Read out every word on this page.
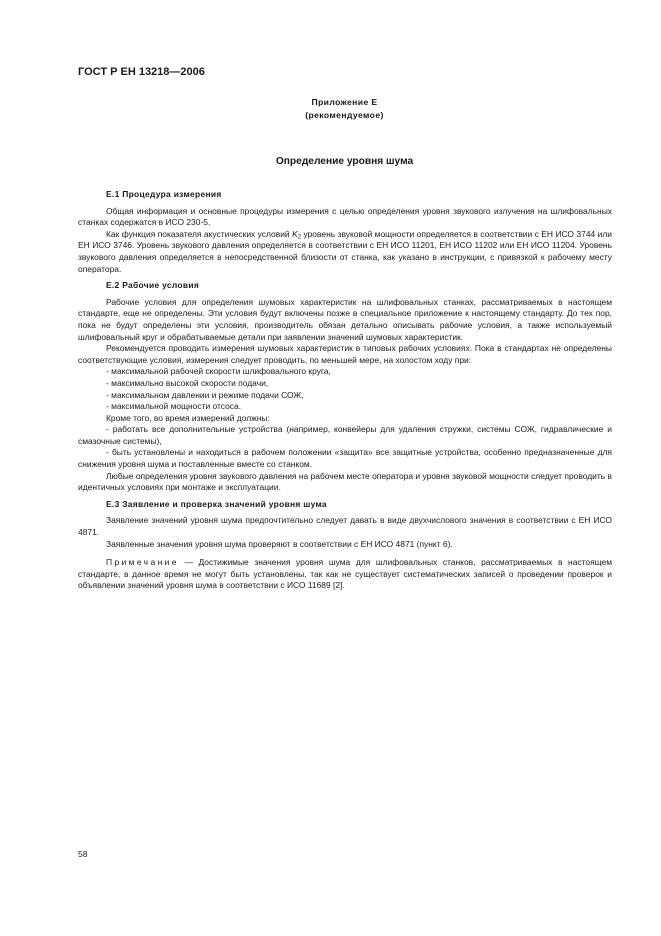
ГОСТ Р ЕН 13218—2006
Приложение Е
(рекомендуемое)
Определение уровня шума

Е.1 Процедура измерения

Общая информация и основные процедуры измерения с целью определения уровня звукового излучения на шлифовальных станках содержатся в ИСО 230-5.

Как функция показателя акустических условий $K_2$ уровень звуковой мощности определяется в соответствии с ЕН ИСО 3744 или ЕН ИСО 3746. Уровень звукового давления определяется в соответствии с ЕН ИСО 11201, ЕН ИСО 11202 или ЕН ИСО 11204. Уровень звукового давления определяется в непосредственной близости от станка, как указано в инструкции, с привязкой к рабочему месту оператора.

Е.2 Рабочие условия

Рабочие условия для определения шумовых характеристик на шлифовальных станках, рассматриваемых в настоящем стандарте, еще не определены. Эти условия будут включены позже в специальное приложение к настоящему стандарту. До тех пор, пока не будут определены эти условия, производитель обязан детально описывать рабочие условия, а также используемый шлифовальный круг и обрабатываемые детали при заявлении значений шумовых характеристик.

Рекомендуется проводить измерения шумовых характеристик в типовых рабочих условиях. Пока в стандартах не определены соответствующие условия, измерения следует проводить, по меньшей мере, на холостом ходу при:

- максимальной рабочей скорости шлифовального круга,

- максимально высокой скорости подачи,

- максимальном давлении и режиме подачи СОЖ,

- максимальной мощности отсоса.

Кроме того, во время измерений должны:

- работать все дополнительные устройства (например, конвейеры для удаления стружки, системы СОЖ, гидравлические и смазочные системы),

- быть установлены и находиться в рабочем положении «защита» все защитные устройства, особенно предназначенные для снижения уровня шума и поставленные вместе со станком.

Любые определения уровня звукового давления на рабочем месте оператора и уровня звуковой мощности следует проводить в идентичных условиях при монтаже и эксплуатации.

Е.3 Заявление и проверка значений уровня шума

Заявление значений уровня шума предпочтительно следует давать в виде двухчислового значения в соответствии с ЕН ИСО 4871.

Заявленные значения уровня шума проверяют в соответствии с ЕН ИСО 4871 (пункт 6).

Примечание — Достижимые значения уровня шума для шлифовальных станков, рассматриваемых в настоящем стандарте, в данное время не могут быть установлены, так как не существует систематических записей о проведении проверок и объявлении значений уровня шума в соответствии с ИСО 11689 [2].

58
